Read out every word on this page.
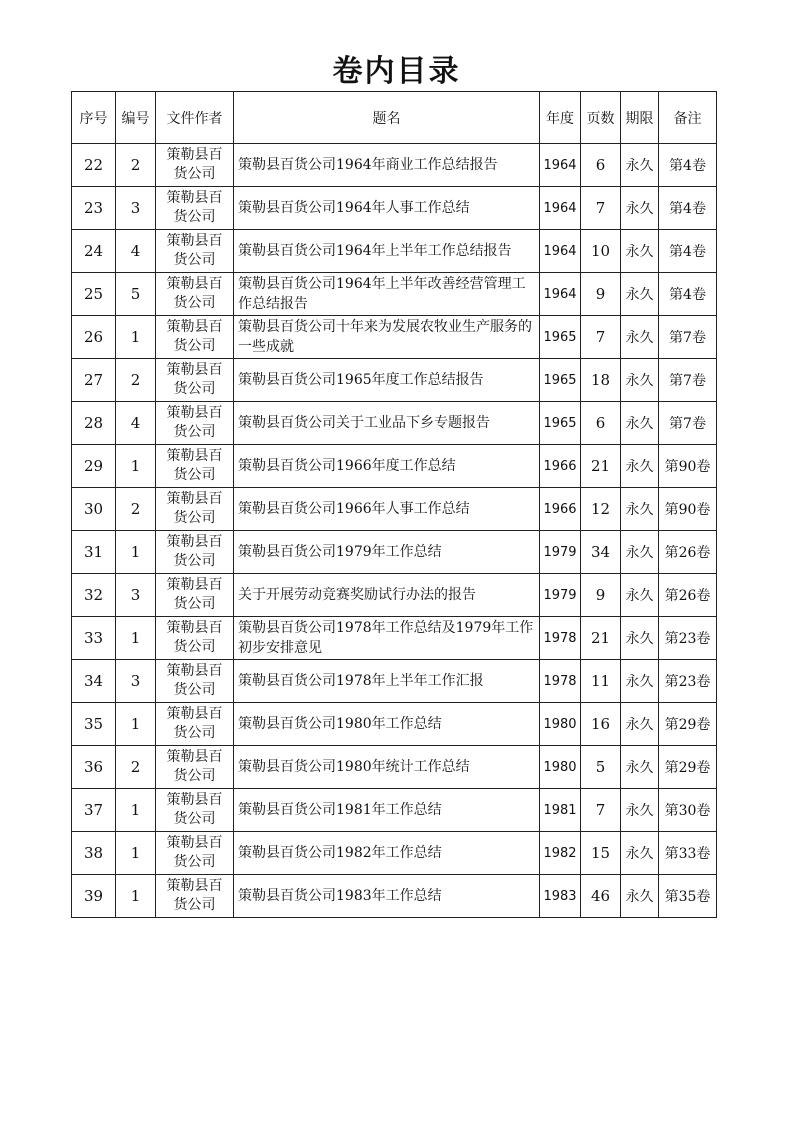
卷内目录
序号	编号	文件作者	题名	年度	页数	期限	备注
22	2	策勒县百货公司	策勒县百货公司1964年商业工作总结报告	1964	6	永久	第4卷
23	3	策勒县百货公司	策勒县百货公司1964年人事工作总结	1964	7	永久	第4卷
24	4	策勒县百货公司	策勒县百货公司1964年上半年工作总结报告	1964	10	永久	第4卷
25	5	策勒县百货公司	策勒县百货公司1964年上半年改善经营管理工作总结报告	1964	9	永久	第4卷
26	1	策勒县百货公司	策勒县百货公司十年来为发展农牧业生产服务的一些成就	1965	7	永久	第7卷
27	2	策勒县百货公司	策勒县百货公司1965年度工作总结报告	1965	18	永久	第7卷
28	4	策勒县百货公司	策勒县百货公司关于工业品下乡专题报告	1965	6	永久	第7卷
29	1	策勒县百货公司	策勒县百货公司1966年度工作总结	1966	21	永久	第90卷
30	2	策勒县百货公司	策勒县百货公司1966年人事工作总结	1966	12	永久	第90卷
31	1	策勒县百货公司	策勒县百货公司1979年工作总结	1979	34	永久	第26卷
32	3	策勒县百货公司	关于开展劳动竞赛奖励试行办法的报告	1979	9	永久	第26卷
33	1	策勒县百货公司	策勒县百货公司1978年工作总结及1979年工作初步安排意见	1978	21	永久	第23卷
34	3	策勒县百货公司	策勒县百货公司1978年上半年工作汇报	1978	11	永久	第23卷
35	1	策勒县百货公司	策勒县百货公司1980年工作总结	1980	16	永久	第29卷
36	2	策勒县百货公司	策勒县百货公司1980年统计工作总结	1980	5	永久	第29卷
37	1	策勒县百货公司	策勒县百货公司1981年工作总结	1981	7	永久	第30卷
38	1	策勒县百货公司	策勒县百货公司1982年工作总结	1982	15	永久	第33卷
39	1	策勒县百货公司	策勒县百货公司1983年工作总结	1983	46	永久	第35卷
